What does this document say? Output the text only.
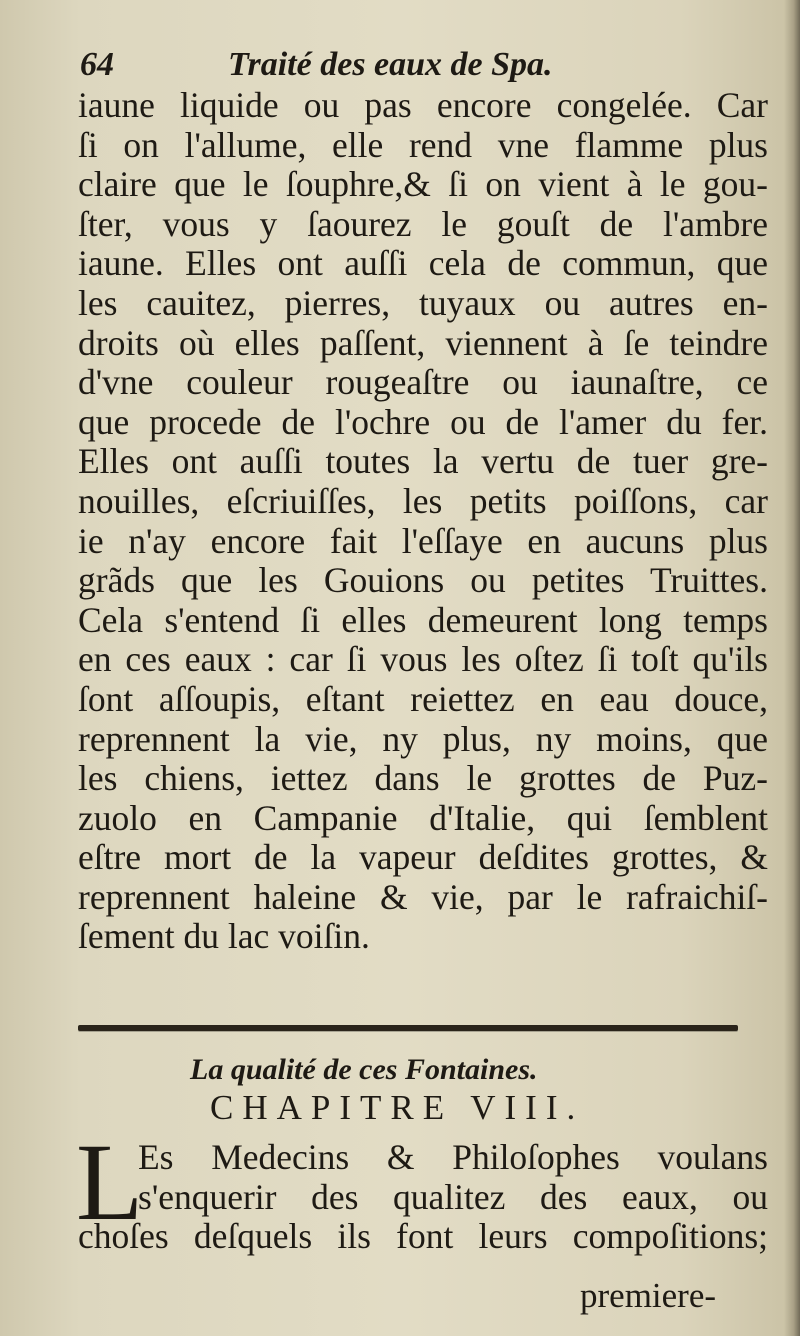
64	Traité des eaux de Spa.
iaune liquide ou pas encore congelée. Car
ſi on l'allume, elle rend vne flamme plus
claire que le ſouphre,& ſi on vient à le gou-
ſter, vous y ſaourez le gouſt de l'ambre
iaune. Elles ont auſſi cela de commun, que
les cauitez, pierres, tuyaux ou autres en-
droits où elles paſſent, viennent à ſe teindre
d'vne couleur rougeaſtre ou iaunaſtre, ce
que procede de l'ochre ou de l'amer du fer.
Elles ont auſſi toutes la vertu de tuer gre-
nouilles, eſcriuiſſes, les petits poiſſons, car
ie n'ay encore fait l'eſſaye en aucuns plus
grãds que les Gouions ou petites Truittes.
Cela s'entend ſi elles demeurent long temps
en ces eaux : car ſi vous les oſtez ſi toſt qu'ils
ſont aſſoupis, eſtant reiettez en eau douce,
reprennent la vie, ny plus, ny moins, que
les chiens, iettez dans le grottes de Puz-
zuolo en Campanie d'Italie, qui ſemblent
eſtre mort de la vapeur deſdites grottes, &
reprennent haleine & vie, par le rafraichiſ-
ſement du lac voiſin.
La qualité de ces Fontaines.
CHAPITRE VIII.
L
Es Medecins & Philoſophes voulans
s'enquerir des qualitez des eaux, ou
choſes deſquels ils font leurs compoſitions;
premiere-
